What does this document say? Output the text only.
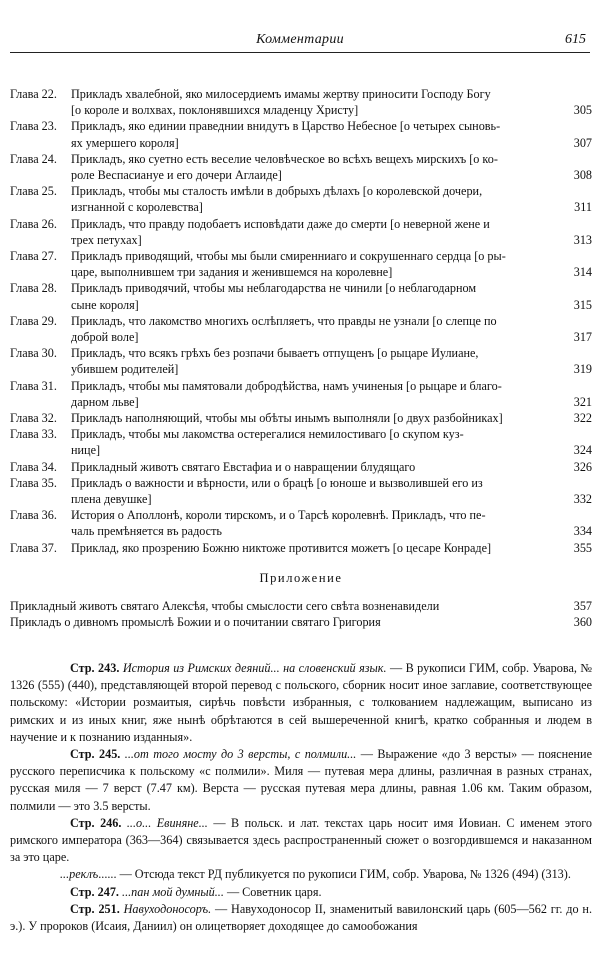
Комментарии	615
Глава 22.	Прикладъ хвалебной, яко милосердиемъ имамы жертву приносити Господу Богу
[о короле и волхвах, поклонявшихся младенцу Христу]	305
Глава 23.	Прикладъ, яко единии праведнии внидутъ в Царство Небесное [о четырех сыновь-
ях умершего короля]	307
Глава 24.	Прикладъ, яко суетно есть веселие человѣческое во всѣхъ вещехъ мирскихъ [о ко-
роле Веспасиануе и его дочери Аглаиде]	308
Глава 25.	Прикладъ, чтобы мы сталость имѣли в добрыхъ дѣлахъ [о королевской дочери,
изгнанной с королевства]	311
Глава 26.	Прикладъ, что правду подобаетъ исповѣдати даже до смерти [о неверной жене и
трех петухах]	313
Глава 27.	Прикладъ приводящий, чтобы мы были смиренниаго и сокрушеннаго сердца [о ры-
царе, выполнившем три задания и женившемся на королевне]	314
Глава 28.	Прикладъ приводячий, чтобы мы неблагодарства не чинили [о неблагодарном
сыне короля]	315
Глава 29.	Прикладъ, что лакомство многихъ ослѣпляетъ, что правды не узнали [о слепце по
доброй воле]	317
Глава 30.	Прикладъ, что всякъ грѣхъ без розпачи бываетъ отпущенъ [о рыцаре Иулиане,
убившем родителей]	319
Глава 31.	Прикладъ, чтобы мы памятовали добродѣйства, намъ учиненыя [о рыцаре и благо-
дарном льве]	321
Глава 32.	Прикладъ наполняющий, чтобы мы обѣты инымъ выполняли [о двух разбойниках]	322
Глава 33.	Прикладъ, чтобы мы лакомства остерегалися немилостиваго [о скупом куз-
нице]	324
Глава 34.	Прикладный животъ святаго Евстафиа и о навращении блудящаго	326
Глава 35.	Прикладъ о важности и вѣрности, или о брацѣ [о юноше и вызволившей его из
плена девушке]	332
Глава 36.	История о Аполлонѣ, короли тирскомъ, и о Тарсѣ королевнѣ. Прикладъ, что пе-
чаль премѣняется въ радость	334
Глава 37.	Приклад, яко прозрению Божню никтоже противится можетъ [о цесаре Конраде]	355
Приложение
Прикладный животъ святаго Алексѣя, чтобы смыслости сего свѣта возненавидели	357
Прикладъ о дивномъ промыслѣ Божии и о почитании святаго Григория	360

Стр. 243. История из Римских деяний... на словенский язык. — В рукописи ГИМ, собр. Уварова, № 1326 (555) (440), представляющей второй перевод с польского, сборник носит иное заглавие, соответствующее польскому: «Истории розмаитыя, сирѣчь повѣсти избранныя, с толкованием надлежащим, выписано из римских и из иных книг, яже нынѣ обрѣтаются в сей вышереченной книгѣ, кратко собранныя и людем в научение и к познанию изданныя».

Стр. 245. ...от того мосту до 3 версты, с полмили... — Выражение «до 3 версты» — пояснение русского переписчика к польскому «с полмили». Миля — путевая мера длины, различная в разных странах, русская миля — 7 верст (7.47 км). Верста — русская путевая мера длины, равная 1.06 км. Таким образом, полмили — это 3.5 версты.

Стр. 246. ...о... Евиняне... — В польск. и лат. текстах царь носит имя Иовиан. С именем этого римского императора (363—364) связывается здесь распространенный сюжет о возгордившемся и наказанном за это царе.

...реклъ...... — Отсюда текст РД публикуется по рукописи ГИМ, собр. Уварова, № 1326 (494) (313).

Стр. 247. ...пан мой думный... — Советник царя.

Стр. 251. Навуходоносоръ. — Навуходоносор II, знаменитый вавилонский царь (605—562 гг. до н. э.). У пророков (Исаия, Даниил) он олицетворяет доходящее до самообожания
